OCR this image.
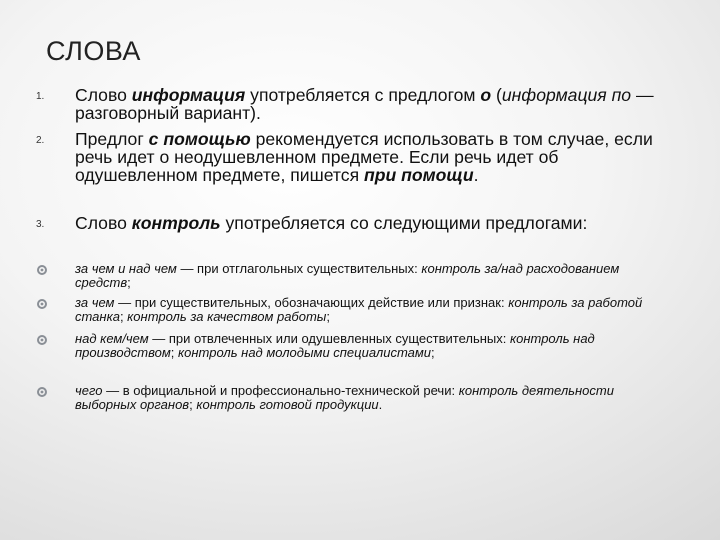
СЛОВА
1.	Слово информация употребляется с предлогом о (информация по — разговорный вариант).
2.	Предлог с помощью рекомендуется использовать в том случае, если речь идет о неодушевленном предмете. Если речь идет об одушевленном предмете, пишется при помощи.
3.	Слово контроль употребляется со следующими предлогами:
за чем и над чем — при отглагольных существительных: контроль за/над расходованием средств;
за чем — при существительных, обозначающих действие или признак: контроль за работой станка; контроль за качеством работы;
над кем/чем — при отвлеченных или одушевленных существительных: контроль над производством; контроль над молодыми специалистами;
чего — в официальной и профессионально-технической речи: контроль деятельности выборных органов; контроль готовой продукции.
